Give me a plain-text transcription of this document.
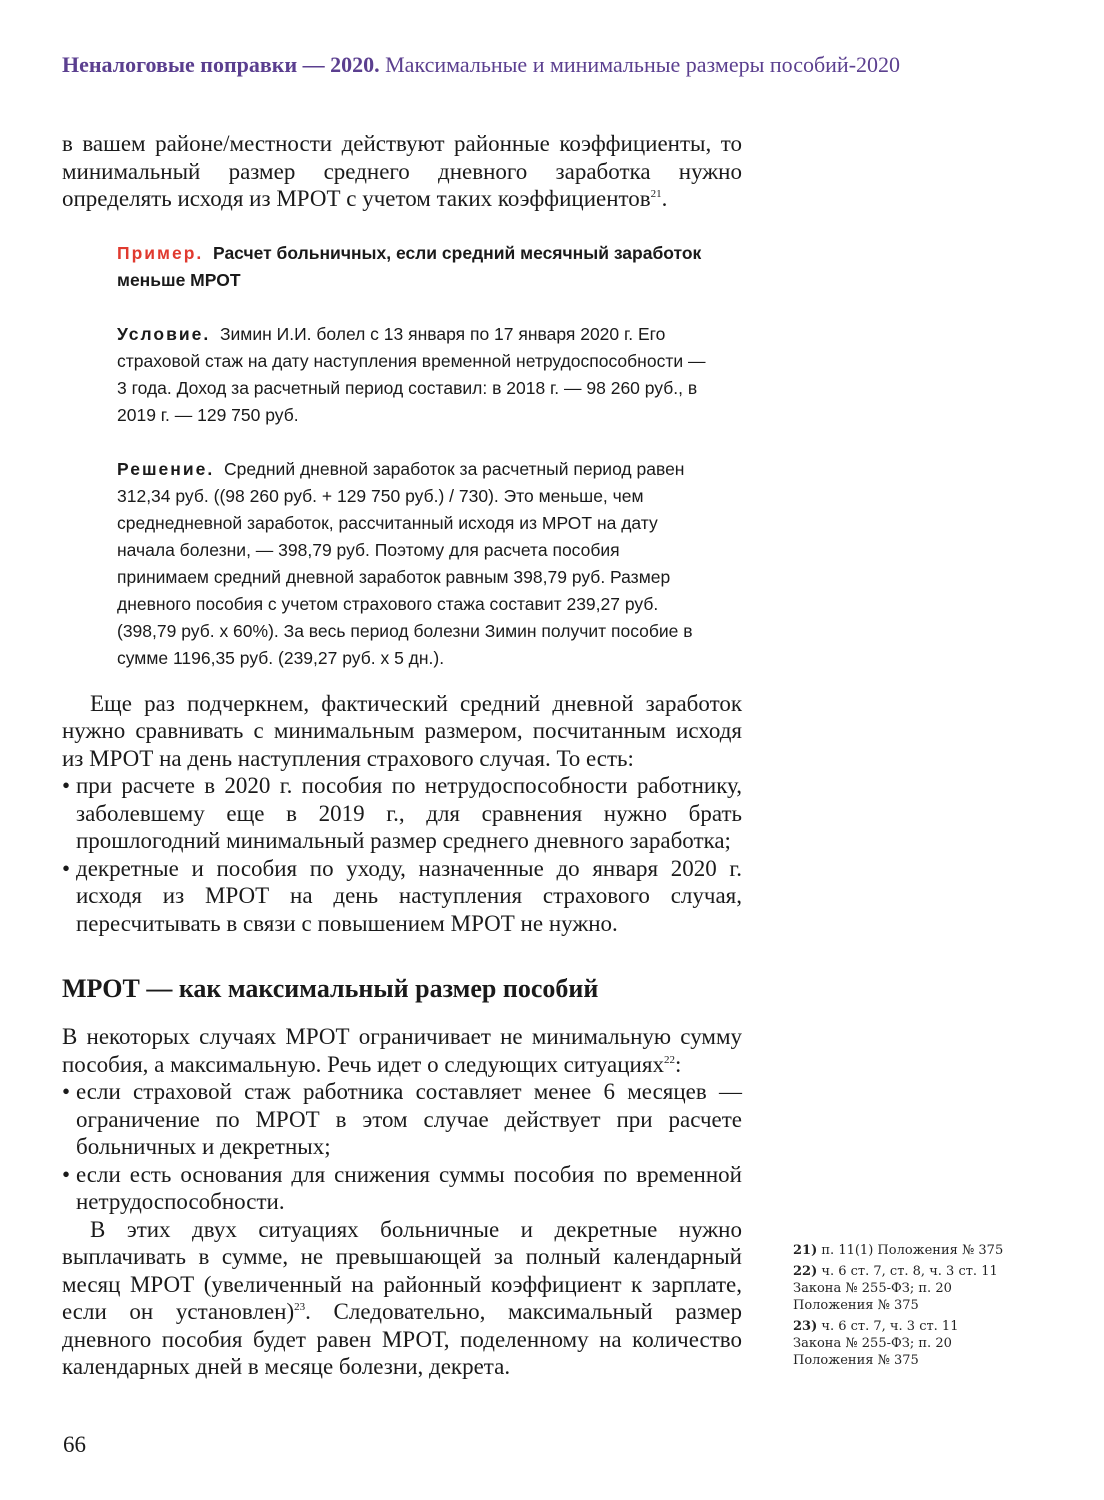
Неналоговые поправки — 2020. Максимальные и минимальные размеры пособий-2020

в вашем районе/местности действуют районные коэффициенты, то минимальный размер среднего дневного заработка нужно определять исходя из МРОТ с учетом таких коэффициентов$^{21}$.

Пример. Расчет больничных, если средний месячный заработок меньше МРОТ

Условие. Зимин И.И. болел с 13 января по 17 января 2020 г. Его страховой стаж на дату наступления временной нетрудоспособности — 3 года. Доход за расчетный период составил: в 2018 г. — 98 260 руб., в 2019 г. — 129 750 руб.

Решение. Средний дневной заработок за расчетный период равен 312,34 руб. ((98 260 руб. + 129 750 руб.) / 730). Это меньше, чем среднедневной заработок, рассчитанный исходя из МРОТ на дату начала болезни, — 398,79 руб. Поэтому для расчета пособия принимаем средний дневной заработок равным 398,79 руб. Размер дневного пособия с учетом страхового стажа составит 239,27 руб. (398,79 руб. х 60%). За весь период болезни Зимин получит пособие в сумме 1196,35 руб. (239,27 руб. х 5 дн.).

Еще раз подчеркнем, фактический средний дневной заработок нужно сравнивать с минимальным размером, посчитанным исходя из МРОТ на день наступления страхового случая. То есть:

• при расчете в 2020 г. пособия по нетрудоспособности работнику, заболевшему еще в 2019 г., для сравнения нужно брать прошлогодний минимальный размер среднего дневного заработка;
• декретные и пособия по уходу, назначенные до января 2020 г. исходя из МРОТ на день наступления страхового случая, пересчитывать в связи с повышением МРОТ не нужно.
МРОТ — как максимальный размер пособий

В некоторых случаях МРОТ ограничивает не минимальную сумму пособия, а максимальную. Речь идет о следующих ситуациях$^{22}$:

• если страховой стаж работника составляет менее 6 месяцев — ограничение по МРОТ в этом случае действует при расчете больничных и декретных;
• если есть основания для снижения суммы пособия по временной нетрудоспособности.

В этих двух ситуациях больничные и декретные нужно выплачивать в сумме, не превышающей за полный календарный месяц МРОТ (увеличенный на районный коэффициент к зарплате, если он установлен)$^{23}$. Следовательно, максимальный размер дневного пособия будет равен МРОТ, поделенному на количество календарных дней в месяце болезни, декрета.

21) п. 11(1) Положения № 375
22) ч. 6 ст. 7, ст. 8, ч. 3 ст. 11 Закона № 255-ФЗ; п. 20 Положения № 375
23) ч. 6 ст. 7, ч. 3 ст. 11 Закона № 255-ФЗ; п. 20 Положения № 375
66
